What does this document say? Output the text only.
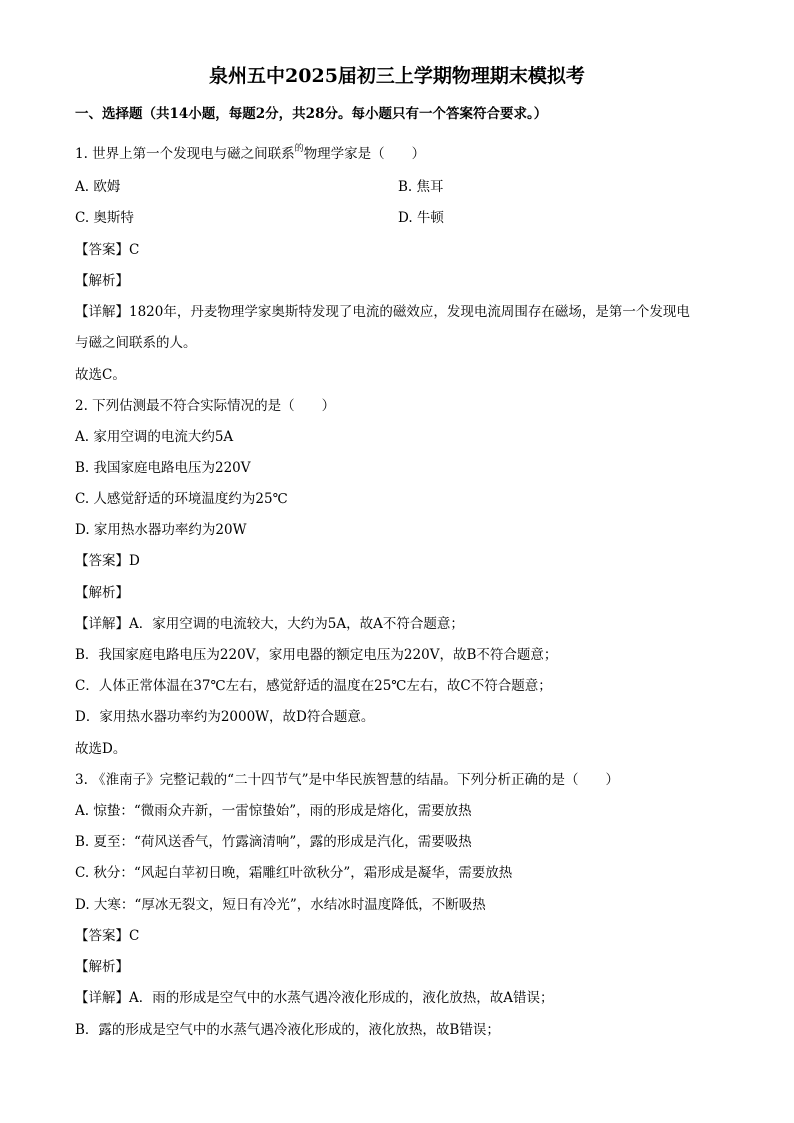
泉州五中2025届初三上学期物理期末模拟考
一、选择题（共14小题，每题2分，共28分。每小题只有一个答案符合要求。）
1. 世界上第一个发现电与磁之间联系$^的$物理学家是（　　）
A. 欧姆	B. 焦耳
C. 奥斯特	D. 牛顿
【答案】C
【解析】
【详解】1820年，丹麦物理学家奥斯特发现了电流的磁效应，发现电流周围存在磁场，是第一个发现电
与磁之间联系的人。
故选C。
2. 下列估测最不符合实际情况的是（　　）
A. 家用空调的电流大约5A
B. 我国家庭电路电压为220V
C. 人感觉舒适的环境温度约为25℃
D. 家用热水器功率约为20W
【答案】D
【解析】
【详解】A．家用空调的电流较大，大约为5A，故A不符合题意；
B．我国家庭电路电压为220V，家用电器的额定电压为220V，故B不符合题意；
C．人体正常体温在37℃左右，感觉舒适的温度在25℃左右，故C不符合题意；
D．家用热水器功率约为2000W，故D符合题意。
故选D。
3. 《淮南子》完整记载的“二十四节气”是中华民族智慧的结晶。下列分析正确的是（　　）
A. 惊蛰：“微雨众卉新，一雷惊蛰始”，雨的形成是熔化，需要放热
B. 夏至：“荷风送香气，竹露滴清响”，露的形成是汽化，需要吸热
C. 秋分：“风起白苹初日晚，霜雕红叶欲秋分”，霜形成是凝华，需要放热
D. 大寒：“厚冰无裂文，短日有冷光”，水结冰时温度降低，不断吸热
【答案】C
【解析】
【详解】A．雨的形成是空气中的水蒸气遇冷液化形成的，液化放热，故A错误；
B．露的形成是空气中的水蒸气遇冷液化形成的，液化放热，故B错误；
